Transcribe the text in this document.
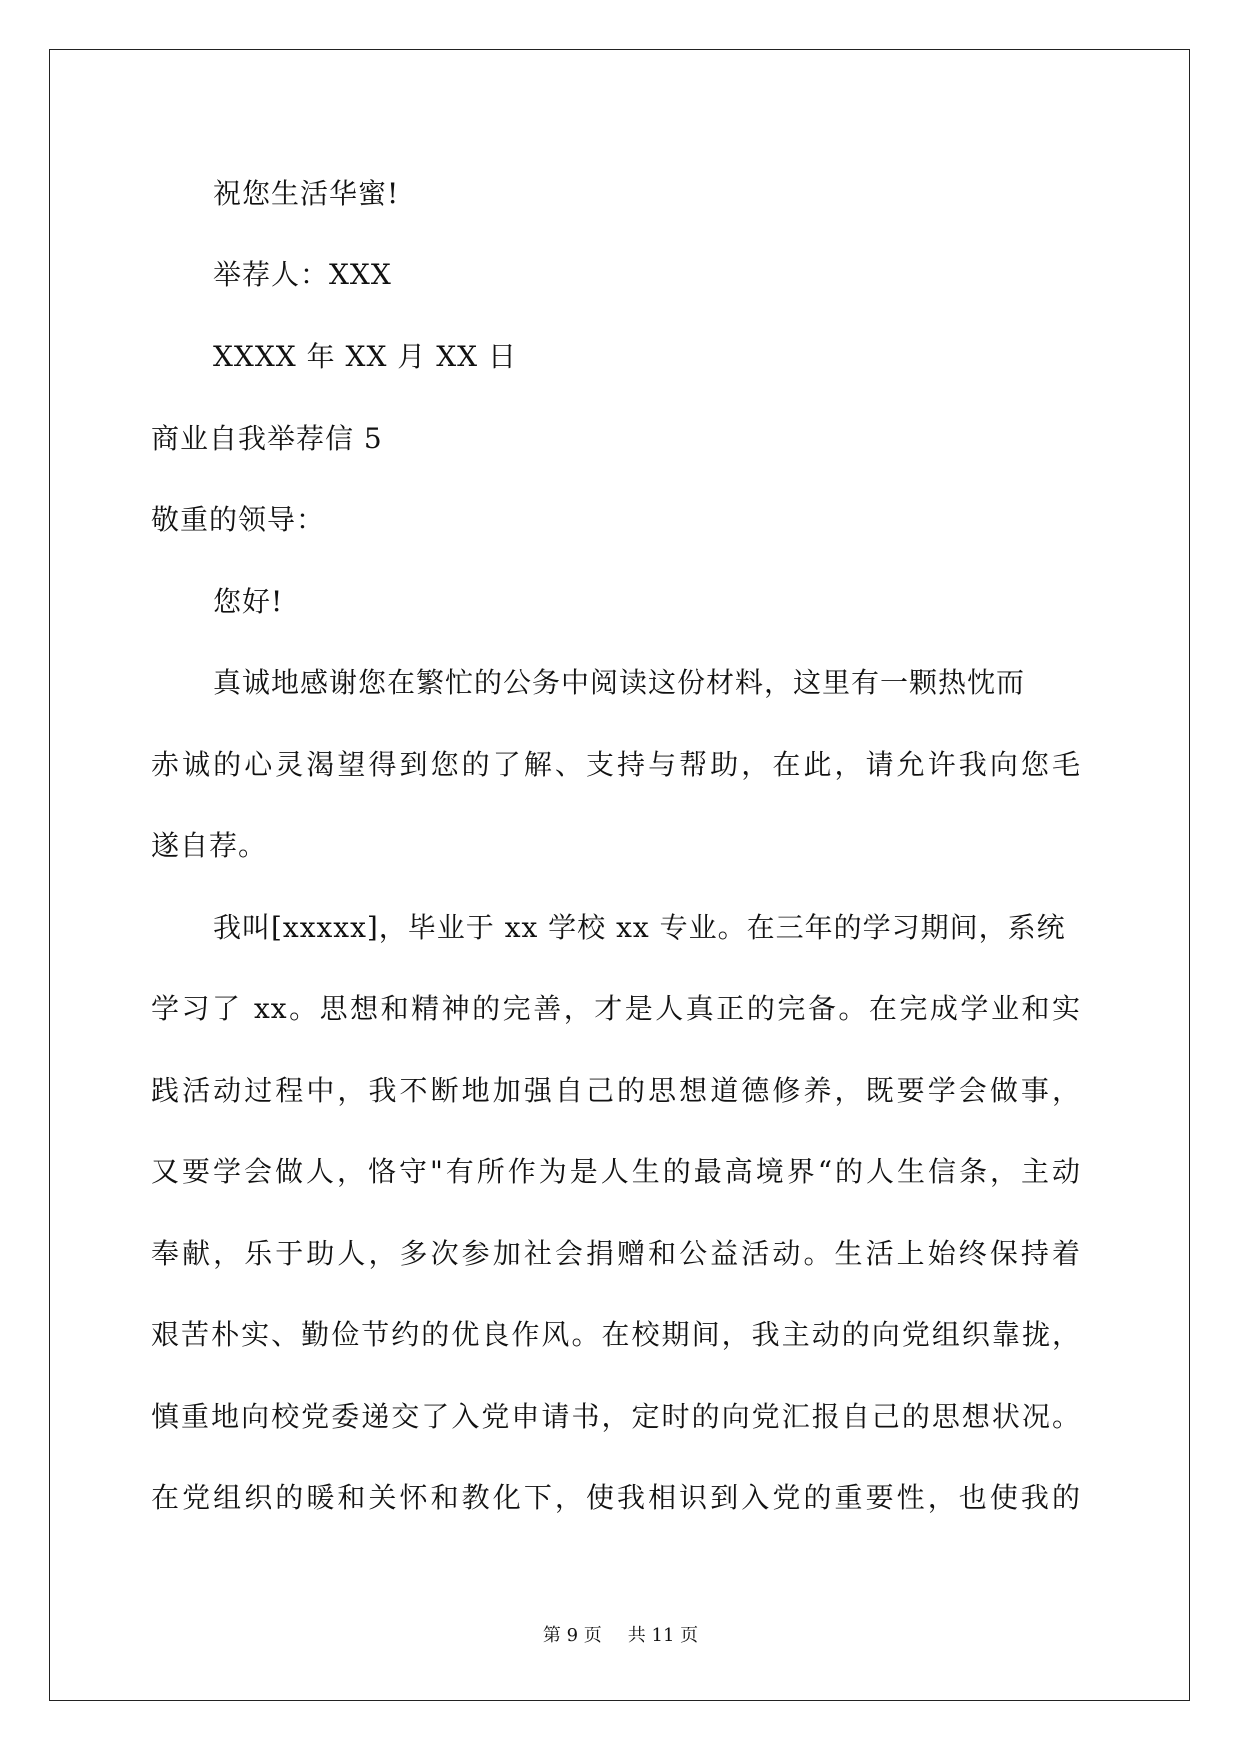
祝您生活华蜜!
举荐人：XXX
XXXX 年 XX 月 XX 日
商业自我举荐信 5
敬重的领导：
您好!
真诚地感谢您在繁忙的公务中阅读这份材料，这里有一颗热忱而
赤诚的心灵渴望得到您的了解、支持与帮助，在此，请允许我向您毛
遂自荐。
我叫[xxxxx]，毕业于 xx 学校 xx 专业。在三年的学习期间，系统
学习了 xx。思想和精神的完善，才是人真正的完备。在完成学业和实
践活动过程中，我不断地加强自己的思想道德修养，既要学会做事，
又要学会做人，恪守"有所作为是人生的最高境界“的人生信条，主动
奉献，乐于助人，多次参加社会捐赠和公益活动。生活上始终保持着
艰苦朴实、勤俭节约的优良作风。在校期间，我主动的向党组织靠拢，
慎重地向校党委递交了入党申请书，定时的向党汇报自己的思想状况。
在党组织的暖和关怀和教化下，使我相识到入党的重要性，也使我的
第 9 页 共 11 页
